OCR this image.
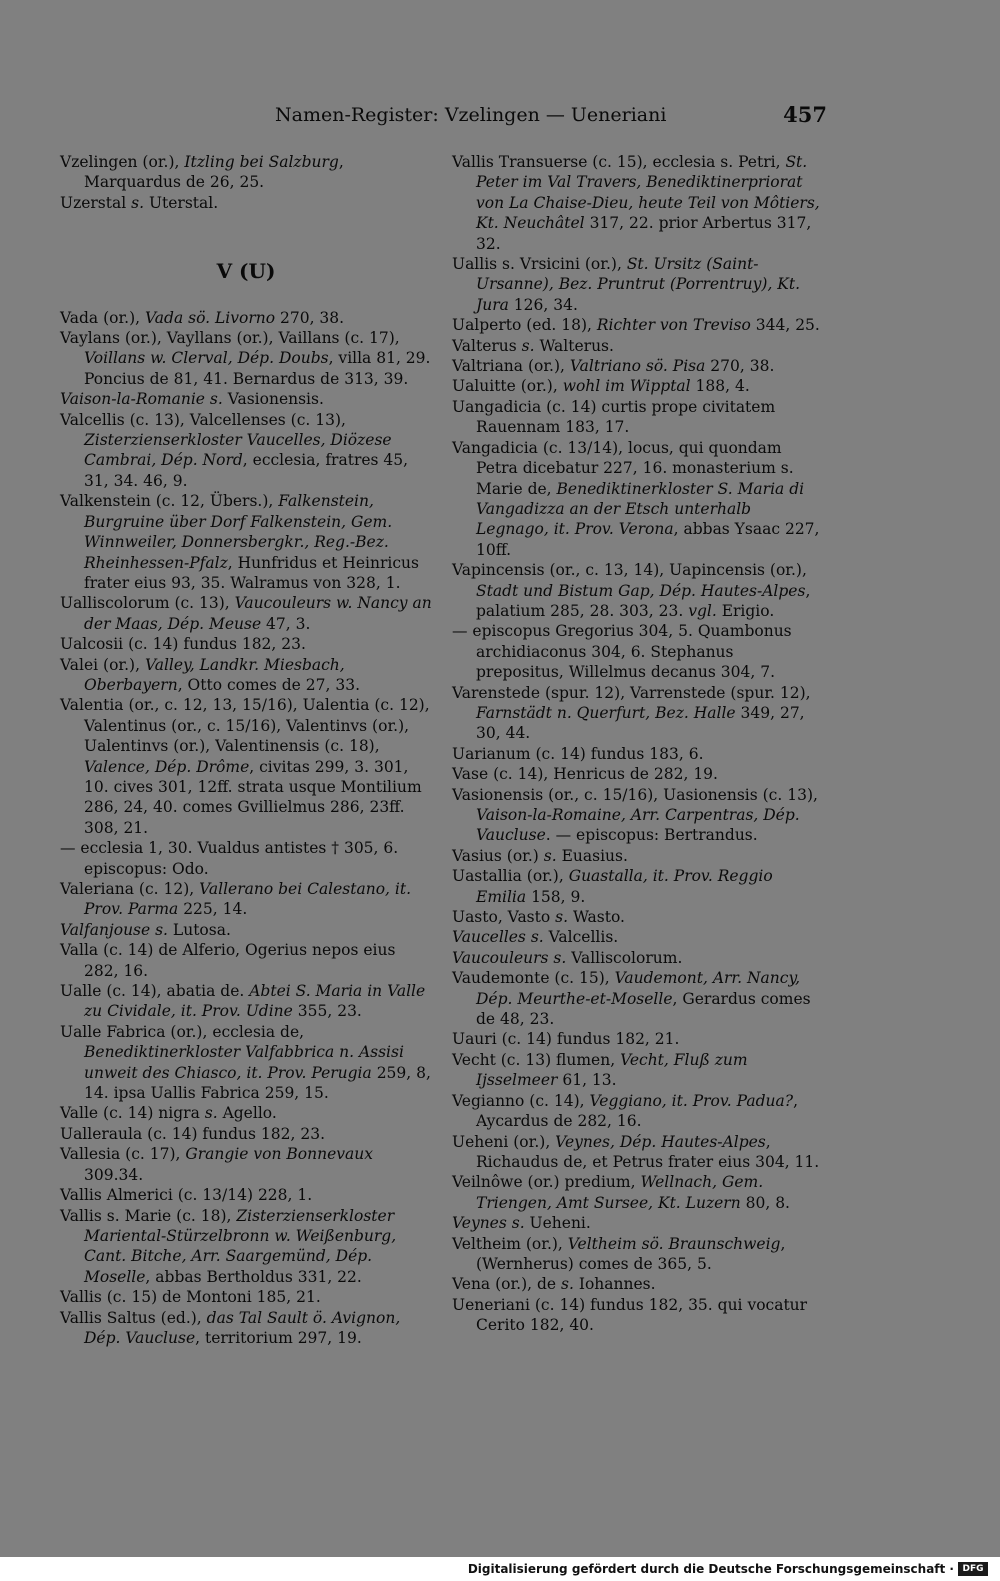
Namen-Register: Vzelingen — Ueneriani	457

Vzelingen (or.), Itzling bei Salzburg, Marquardus de 26, 25.

Uzerstal s. Uterstal.

V (U)

Vada (or.), Vada sö. Livorno 270, 38.

Vaylans (or.), Vayllans (or.), Vaillans (c. 17), Voillans w. Clerval, Dép. Doubs, villa 81, 29. Poncius de 81, 41. Bernardus de 313, 39.

Vaison-la-Romanie s. Vasionensis.

Valcellis (c. 13), Valcellenses (c. 13), Zisterzienserkloster Vaucelles, Diözese Cambrai, Dép. Nord, ecclesia, fratres 45, 31, 34. 46, 9.

Valkenstein (c. 12, Übers.), Falkenstein, Burgruine über Dorf Falkenstein, Gem. Winnweiler, Donnersbergkr., Reg.-Bez. Rheinhessen-Pfalz, Hunfridus et Heinricus frater eius 93, 35. Walramus von 328, 1.

Ualliscolorum (c. 13), Vaucouleurs w. Nancy an der Maas, Dép. Meuse 47, 3.

Ualcosii (c. 14) fundus 182, 23.

Valei (or.), Valley, Landkr. Miesbach, Oberbayern, Otto comes de 27, 33.

Valentia (or., c. 12, 13, 15/16), Ualentia (c. 12), Valentinus (or., c. 15/16), Valentinvs (or.), Ualentinvs (or.), Valentinensis (c. 18), Valence, Dép. Drôme, civitas 299, 3. 301, 10. cives 301, 12ff. strata usque Montilium 286, 24, 40. comes Gvillielmus 286, 23ff. 308, 21.

— ecclesia 1, 30. Vualdus antistes † 305, 6. episcopus: Odo.

Valeriana (c. 12), Vallerano bei Calestano, it. Prov. Parma 225, 14.

Valfanjouse s. Lutosa.

Valla (c. 14) de Alferio, Ogerius nepos eius 282, 16.

Ualle (c. 14), abatia de. Abtei S. Maria in Valle zu Cividale, it. Prov. Udine 355, 23.

Ualle Fabrica (or.), ecclesia de, Benediktinerkloster Valfabbrica n. Assisi unweit des Chiasco, it. Prov. Perugia 259, 8, 14. ipsa Uallis Fabrica 259, 15.

Valle (c. 14) nigra s. Agello.

Ualleraula (c. 14) fundus 182, 23.

Vallesia (c. 17), Grangie von Bonnevaux 309.34.

Vallis Almerici (c. 13/14) 228, 1.

Vallis s. Marie (c. 18), Zisterzienserkloster Mariental-Stürzelbronn w. Weißenburg, Cant. Bitche, Arr. Saargemünd, Dép. Moselle, abbas Bertholdus 331, 22.

Vallis (c. 15) de Montoni 185, 21.

Vallis Saltus (ed.), das Tal Sault ö. Avignon, Dép. Vaucluse, territorium 297, 19.

Vallis Transuerse (c. 15), ecclesia s. Petri, St. Peter im Val Travers, Benediktinerpriorat von La Chaise-Dieu, heute Teil von Môtiers, Kt. Neuchâtel 317, 22. prior Arbertus 317, 32.

Uallis s. Vrsicini (or.), St. Ursitz (Saint-Ursanne), Bez. Pruntrut (Porrentruy), Kt. Jura 126, 34.

Ualperto (ed. 18), Richter von Treviso 344, 25.

Valterus s. Walterus.

Valtriana (or.), Valtriano sö. Pisa 270, 38.

Ualuitte (or.), wohl im Wipptal 188, 4.

Uangadicia (c. 14) curtis prope civitatem Rauennam 183, 17.

Vangadicia (c. 13/14), locus, qui quondam Petra dicebatur 227, 16. monasterium s. Marie de, Benediktinerkloster S. Maria di Vangadizza an der Etsch unterhalb Legnago, it. Prov. Verona, abbas Ysaac 227, 10ff.

Vapincensis (or., c. 13, 14), Uapincensis (or.), Stadt und Bistum Gap, Dép. Hautes-Alpes, palatium 285, 28. 303, 23. vgl. Erigio.

— episcopus Gregorius 304, 5. Quambonus archidiaconus 304, 6. Stephanus prepositus, Willelmus decanus 304, 7.

Varenstede (spur. 12), Varrenstede (spur. 12), Farnstädt n. Querfurt, Bez. Halle 349, 27, 30, 44.

Uarianum (c. 14) fundus 183, 6.

Vase (c. 14), Henricus de 282, 19.

Vasionensis (or., c. 15/16), Uasionensis (c. 13), Vaison-la-Romaine, Arr. Carpentras, Dép. Vaucluse. — episcopus: Bertrandus.

Vasius (or.) s. Euasius.

Uastallia (or.), Guastalla, it. Prov. Reggio Emilia 158, 9.

Uasto, Vasto s. Wasto.

Vaucelles s. Valcellis.

Vaucouleurs s. Valliscolorum.

Vaudemonte (c. 15), Vaudemont, Arr. Nancy, Dép. Meurthe-et-Moselle, Gerardus comes de 48, 23.

Uauri (c. 14) fundus 182, 21.

Vecht (c. 13) flumen, Vecht, Fluß zum Ijsselmeer 61, 13.

Vegianno (c. 14), Veggiano, it. Prov. Padua?, Aycardus de 282, 16.

Ueheni (or.), Veynes, Dép. Hautes-Alpes, Richaudus de, et Petrus frater eius 304, 11.

Veilnôwe (or.) predium, Wellnach, Gem. Triengen, Amt Sursee, Kt. Luzern 80, 8.

Veynes s. Ueheni.

Veltheim (or.), Veltheim sö. Braunschweig, (Wernherus) comes de 365, 5.

Vena (or.), de s. Iohannes.

Ueneriani (c. 14) fundus 182, 35. qui vocatur Cerito 182, 40.

Digitalisierung gefördert durch die Deutsche Forschungsgemeinschaft · DFG
